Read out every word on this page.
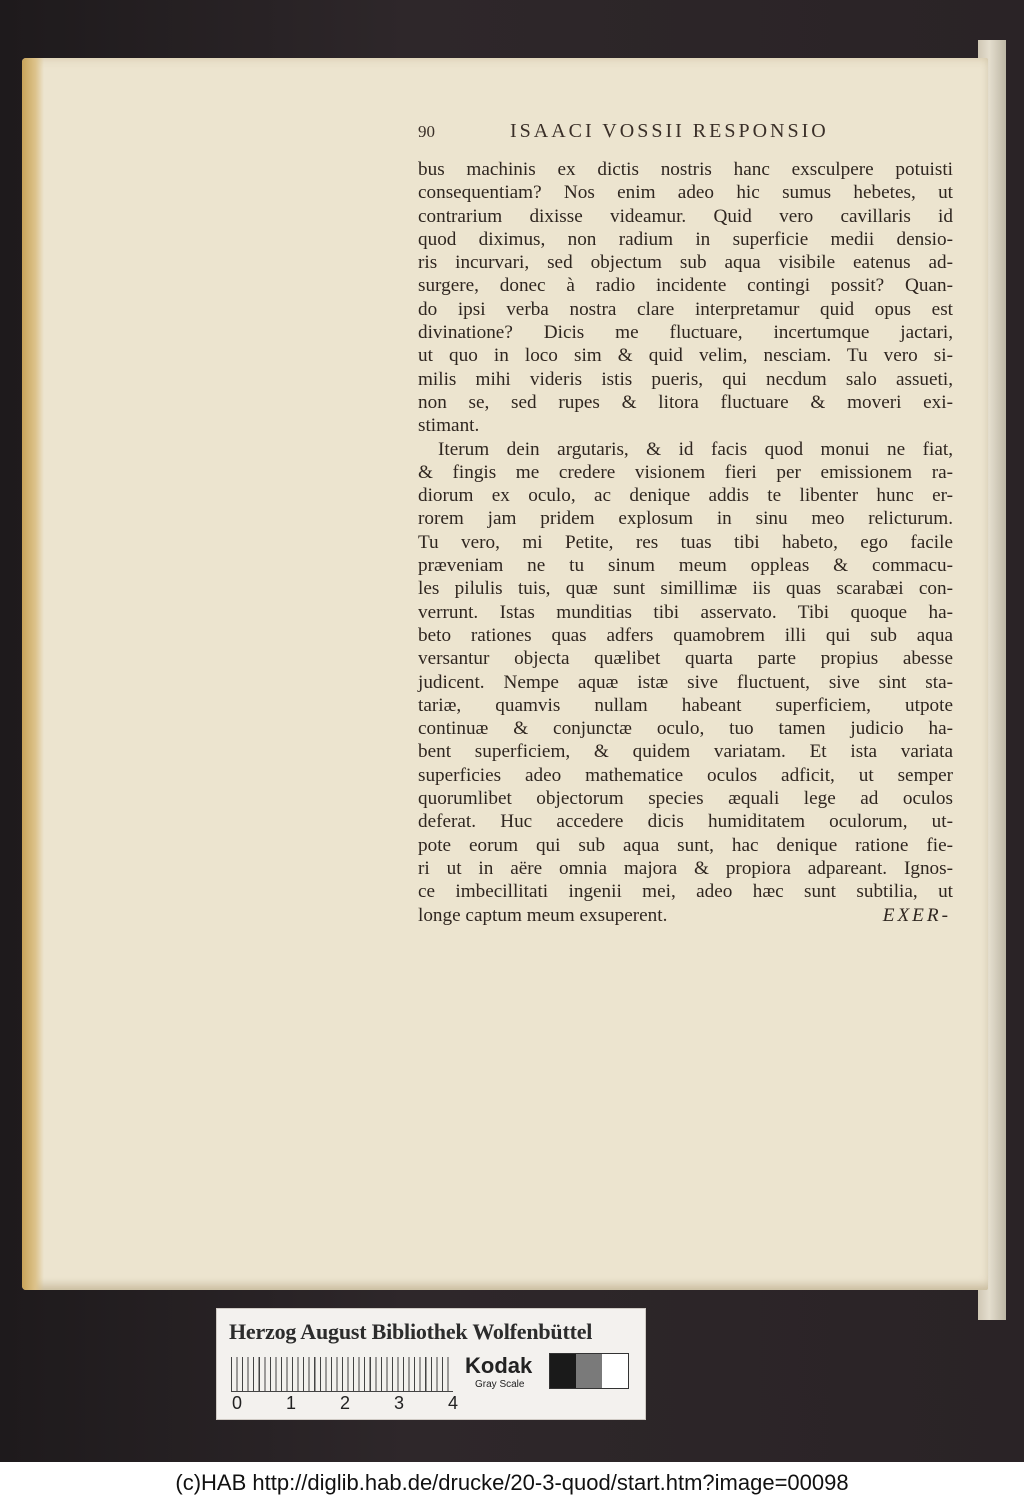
90	ISAACI VOSSII RESPONSIO
bus machinis ex dictis nostris hanc exsculpere potuisti
consequentiam? Nos enim adeo hic sumus hebetes, ut
contrarium dixisse videamur. Quid vero cavillaris id
quod diximus, non radium in superficie medii densio-
ris incurvari, sed objectum sub aqua visibile eatenus ad-
surgere, donec à radio incidente contingi possit? Quan-
do ipsi verba nostra clare interpretamur quid opus est
divinatione? Dicis me fluctuare, incertumque jactari,
ut quo in loco sim & quid velim, nesciam. Tu vero si-
milis mihi videris istis pueris, qui necdum salo assueti,
non se, sed rupes & litora fluctuare & moveri exi-
stimant.
Iterum dein argutaris, & id facis quod monui ne fiat,
& fingis me credere visionem fieri per emissionem ra-
diorum ex oculo, ac denique addis te libenter hunc er-
rorem jam pridem explosum in sinu meo relicturum.
Tu vero, mi Petite, res tuas tibi habeto, ego facile
præveniam ne tu sinum meum oppleas & commacu-
les pilulis tuis, quæ sunt simillimæ iis quas scarabæi con-
verrunt. Istas munditias tibi asservato. Tibi quoque ha-
beto rationes quas adfers quamobrem illi qui sub aqua
versantur objecta quælibet quarta parte propius abesse
judicent. Nempe aquæ istæ sive fluctuent, sive sint sta-
tariæ, quamvis nullam habeant superficiem, utpote
continuæ & conjunctæ oculo, tuo tamen judicio ha-
bent superficiem, & quidem variatam. Et ista variata
superficies adeo mathematice oculos adficit, ut semper
quorumlibet objectorum species æquali lege ad oculos
deferat. Huc accedere dicis humiditatem oculorum, ut-
pote eorum qui sub aqua sunt, hac denique ratione fie-
ri ut in aëre omnia majora & propiora adpareant. Ignos-
ce imbecillitati ingenii mei, adeo hæc sunt subtilia, ut
longe captum meum exsuperent.	EXER-
Herzog August Bibliothek Wolfenbüttel
0	1	2	3	4
Kodak
Gray Scale
(c)HAB http://diglib.hab.de/drucke/20-3-quod/start.htm?image=00098
